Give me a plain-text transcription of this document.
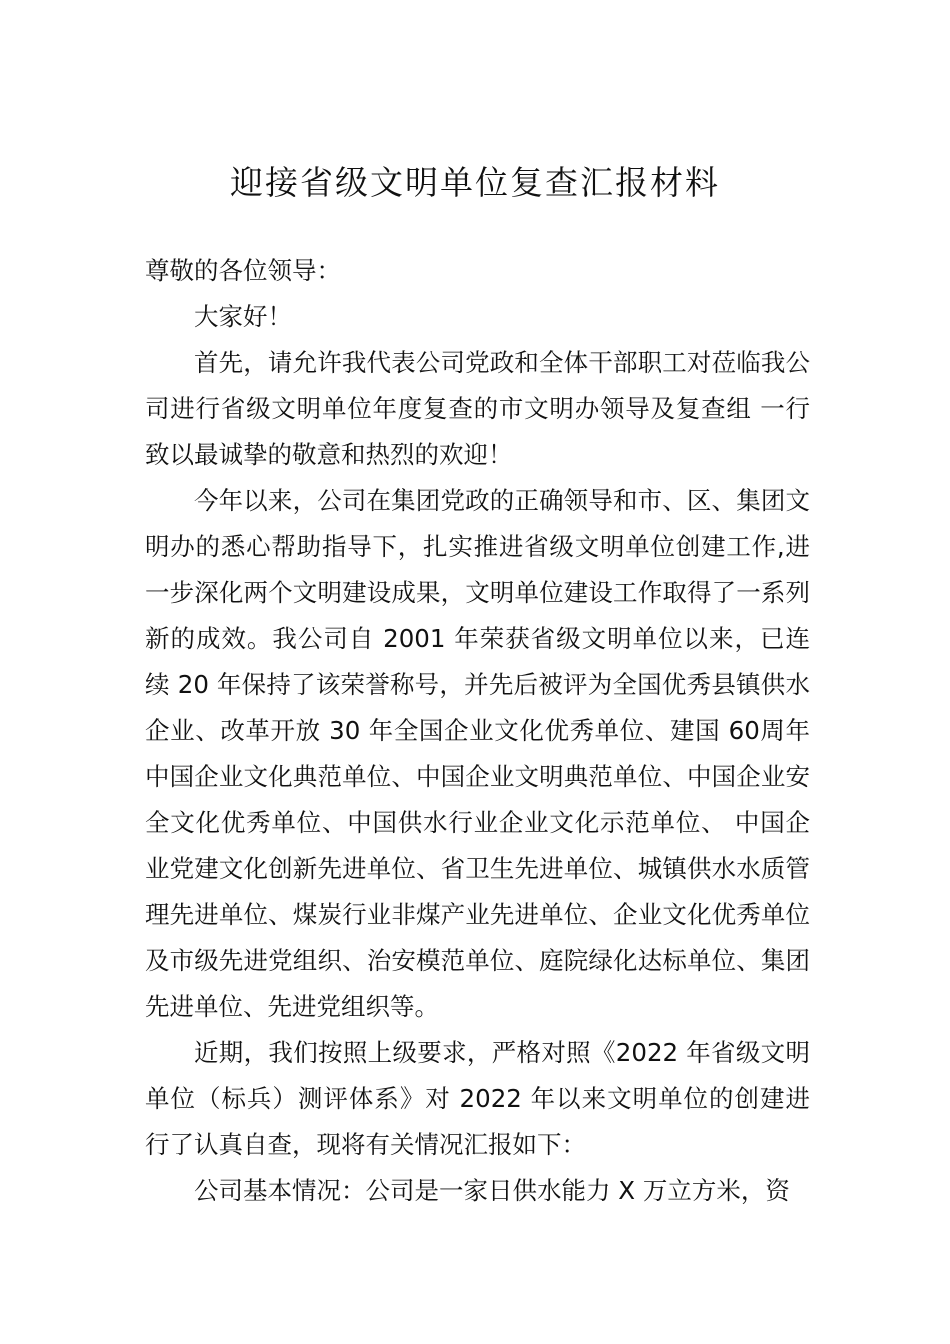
迎接省级文明单位复查汇报材料

尊敬的各位领导：

大家好！

首先，请允许我代表公司党政和全体干部职工对莅临我公司进行省级文明单位年度复查的市文明办领导及复查组 一行致以最诚挚的敬意和热烈的欢迎！

今年以来，公司在集团党政的正确领导和市、区、集团文明办的悉心帮助指导下，扎实推进省级文明单位创建工作,进一步深化两个文明建设成果，文明单位建设工作取得了一系列新的成效。我公司自 2001 年荣获省级文明单位以来，已连续 20 年保持了该荣誉称号，并先后被评为全国优秀县镇供水企业、改革开放 30 年全国企业文化优秀单位、建国 60周年中国企业文化典范单位、中国企业文明典范单位、中国企业安全文化优秀单位、中国供水行业企业文化示范单位、 中国企业党建文化创新先进单位、省卫生先进单位、城镇供水水质管理先进单位、煤炭行业非煤产业先进单位、企业文化优秀单位及市级先进党组织、治安模范单位、庭院绿化达标单位、集团先进单位、先进党组织等。

近期，我们按照上级要求，严格对照《2022 年省级文明单位（标兵）测评体系》对 2022 年以来文明单位的创建进行了认真自查，现将有关情况汇报如下：

公司基本情况：公司是一家日供水能力 X 万立方米，资
